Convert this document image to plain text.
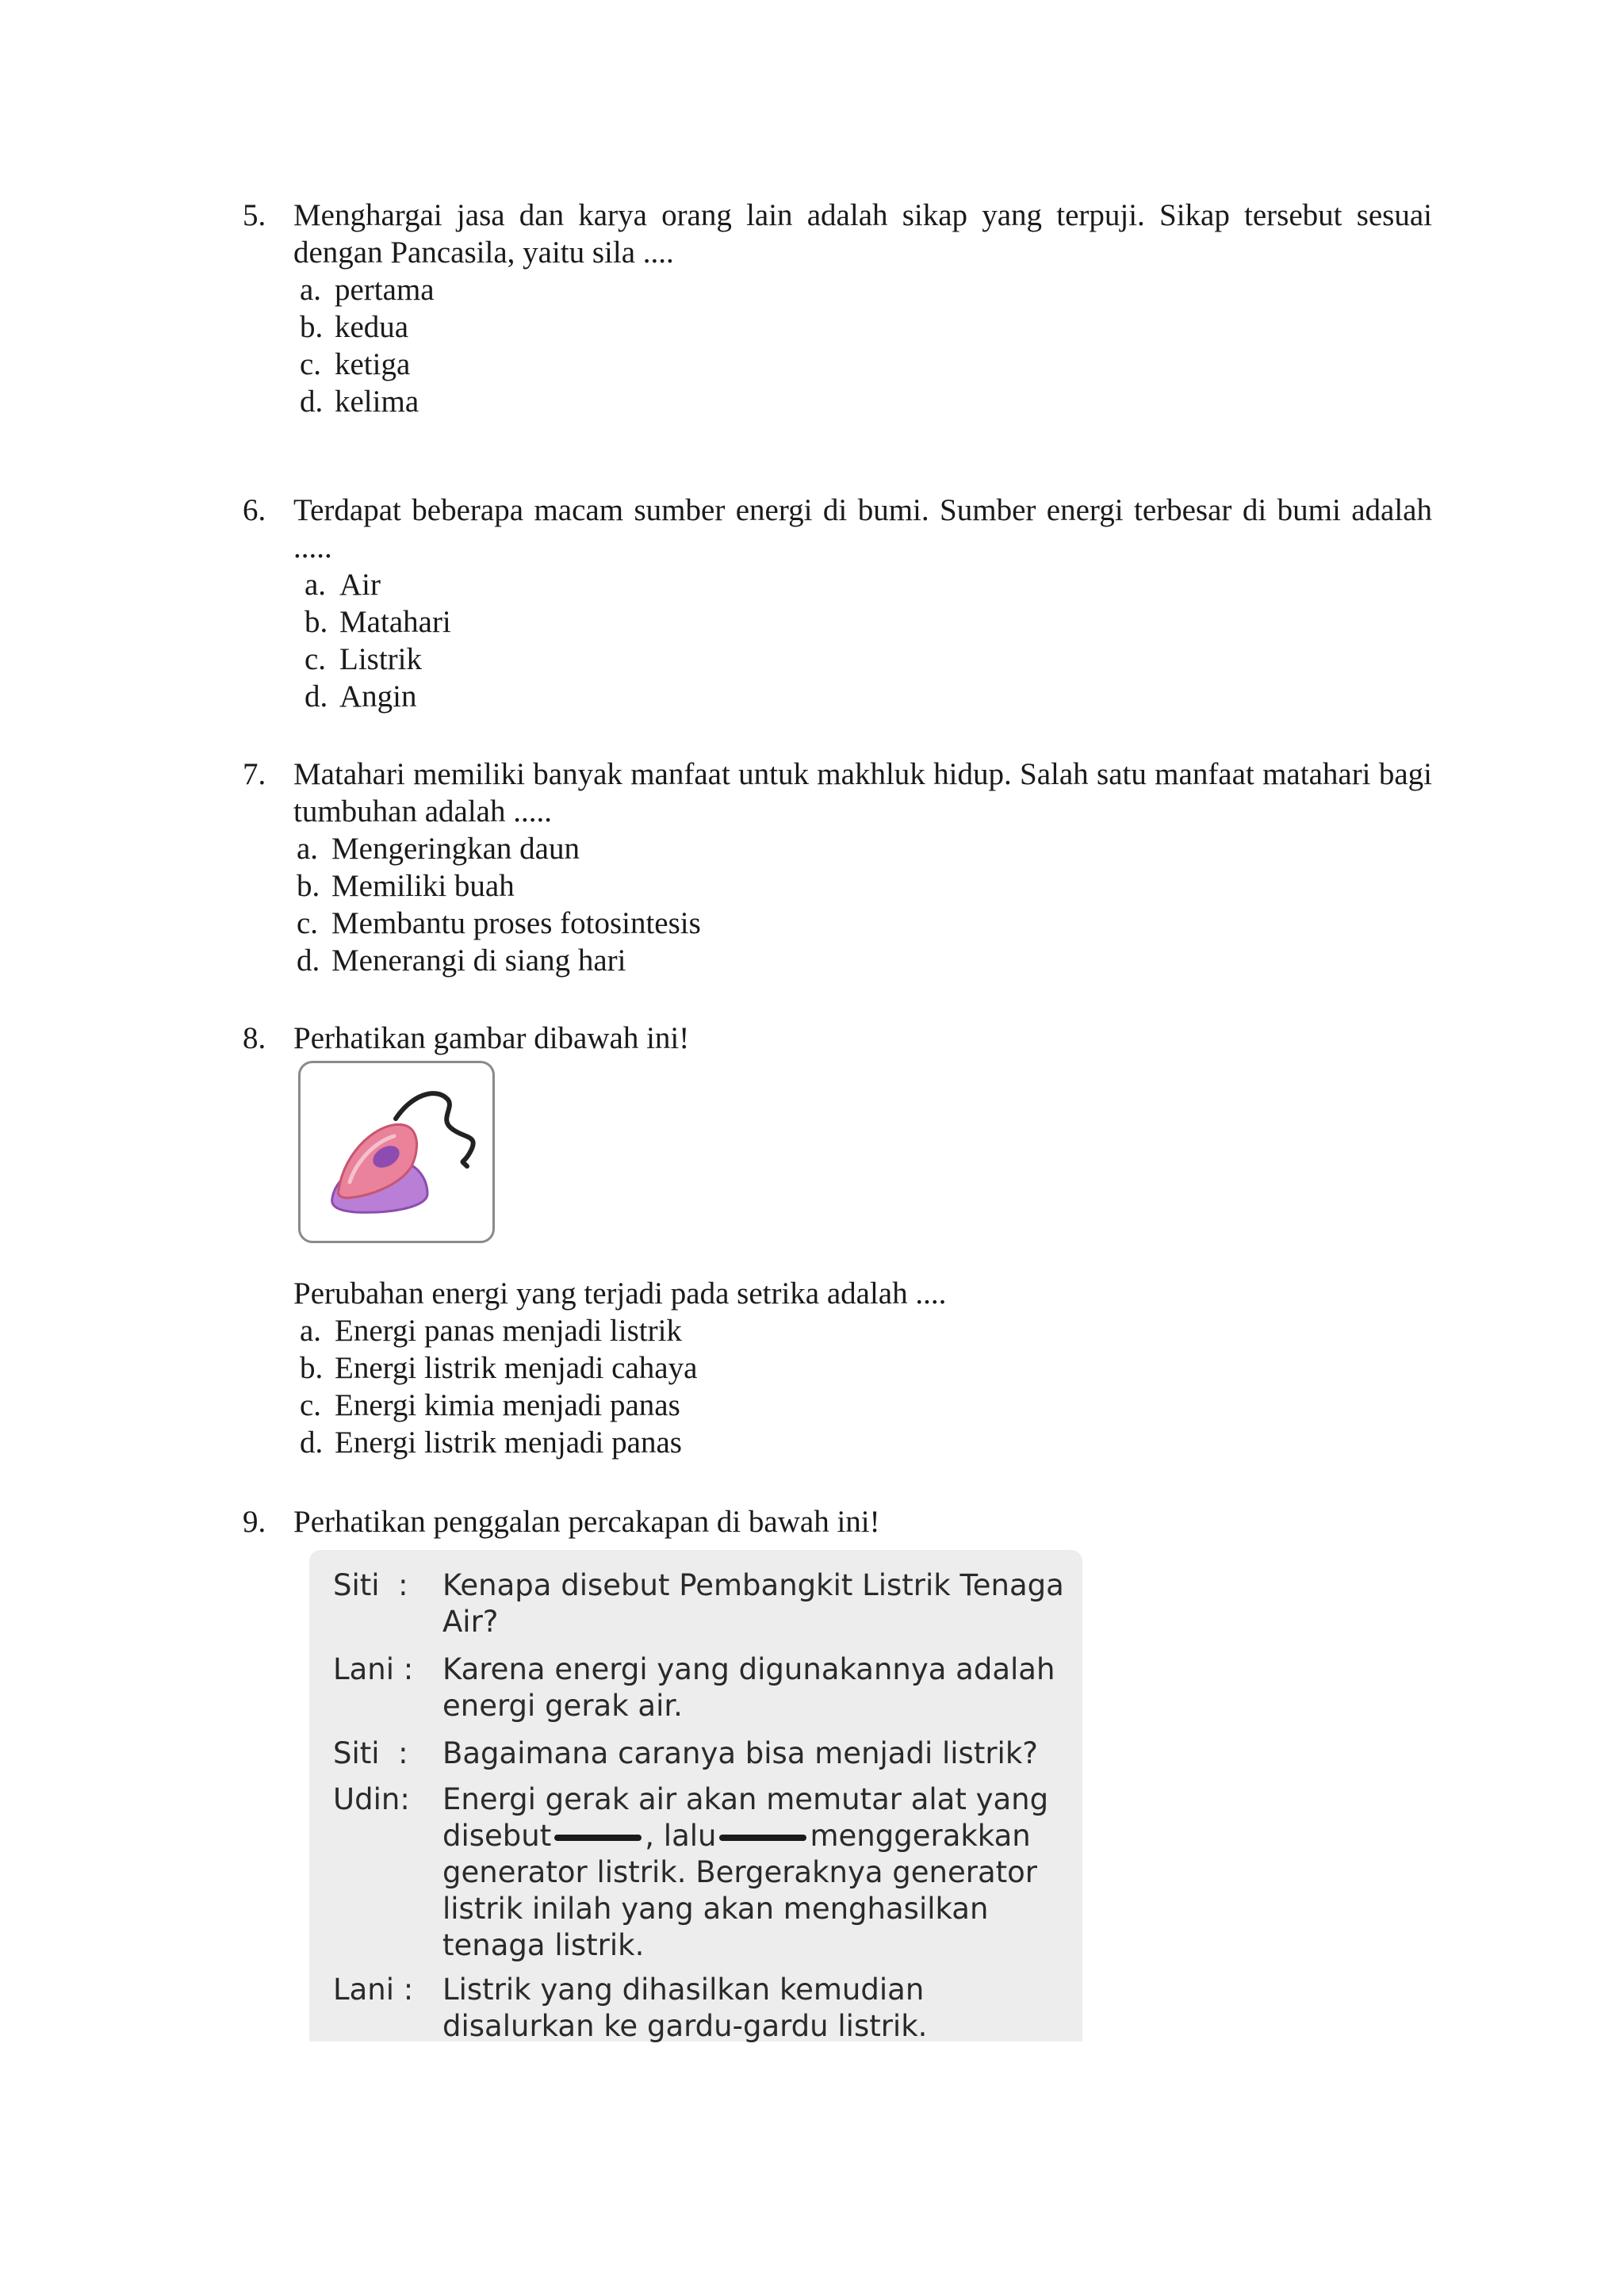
5. Menghargai jasa dan karya orang lain adalah sikap yang terpuji. Sikap tersebut sesuai dengan Pancasila, yaitu sila ....
a. pertama
b. kedua
c. ketiga
d. kelima
6. Terdapat beberapa macam sumber energi di bumi. Sumber energi terbesar di bumi adalah .....
a. Air
b. Matahari
c. Listrik
d. Angin
7. Matahari memiliki banyak manfaat untuk makhluk hidup. Salah satu manfaat matahari bagi tumbuhan adalah .....
a. Mengeringkan daun
b. Memiliki buah
c. Membantu proses fotosintesis
d. Menerangi di siang hari
8. Perhatikan gambar dibawah ini!
Perubahan energi yang terjadi pada setrika adalah ....
a. Energi panas menjadi listrik
b. Energi listrik menjadi cahaya
c. Energi kimia menjadi panas
d. Energi listrik menjadi panas
9. Perhatikan penggalan percakapan di bawah ini!
Siti :	Kenapa disebut Pembangkit Listrik Tenaga
Air?
Lani : Karena energi yang digunakannya adalah
energi gerak air.
Siti :	Bagaimana caranya bisa menjadi listrik?
Udin:	Energi gerak air akan memutar alat yang
disebut	, lalu	menggerakkan
generator listrik. Bergeraknya generator
listrik inilah yang akan menghasilkan
tenaga listrik.
Lani : Listrik yang dihasilkan kemudian
disalurkan ke gardu-gardu listrik.
